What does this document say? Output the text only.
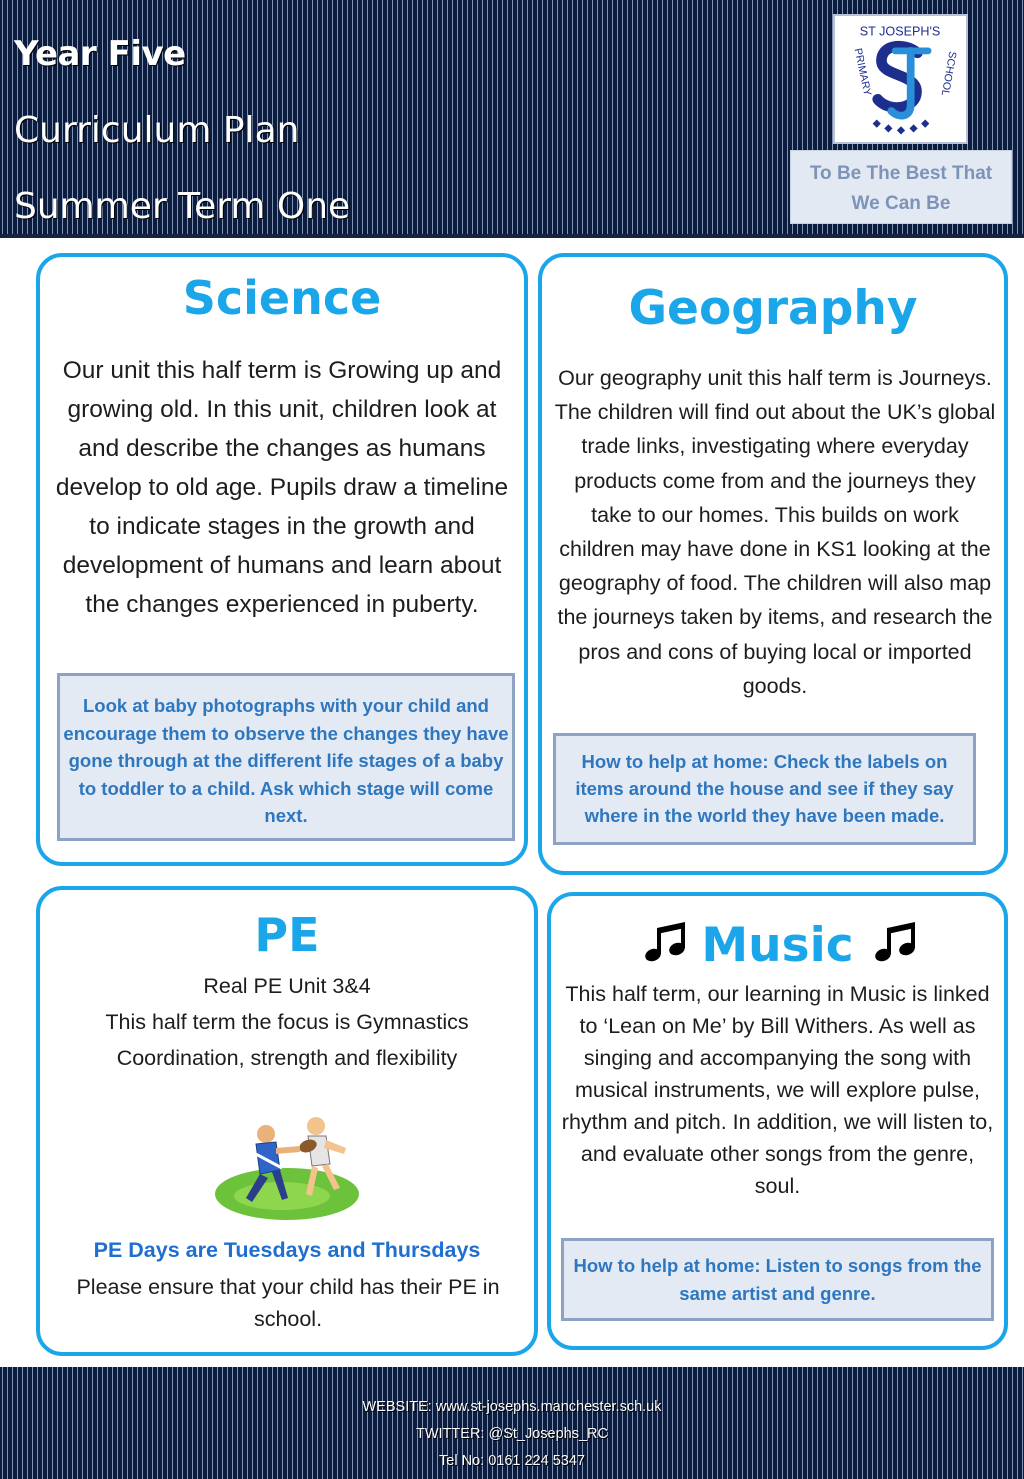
Year Five
Curriculum Plan
Summer Term One
ST JOSEPH'S
PRIMARY	SCHOOL
To Be The Best That
We Can Be
Science
Our unit this half term is Growing up and growing old. In this unit, children look at and describe the changes as humans develop to old age. Pupils draw a timeline to indicate stages in the growth and development of humans and learn about the changes experienced in puberty.
Look at baby photographs with your child and encourage them to observe the changes they have gone through at the different life stages of a baby to toddler to a child. Ask which stage will come next.
Geography
Our geography unit this half term is Journeys. The children will find out about the UK’s global trade links, investigating where everyday products come from and the journeys they take to our homes. This builds on work children may have done in KS1 looking at the geography of food. The children will also map the journeys taken by items, and research the pros and cons of buying local or imported goods.
How to help at home: Check the labels on items around the house and see if they say where in the world they have been made.
PE
Real PE Unit 3&4
This half term the focus is Gymnastics
Coordination, strength and flexibility
PE Days are Tuesdays and Thursdays
Please ensure that your child has their PE in school.
Music
This half term, our learning in Music is linked to ‘Lean on Me’ by Bill Withers. As well as singing and accompanying the song with musical instruments, we will explore pulse, rhythm and pitch. In addition, we will listen to, and evaluate other songs from the genre, soul.
How to help at home: Listen to songs from the same artist and genre.
WEBSITE: www.st-josephs.manchester.sch.uk
TWITTER: @St_Josephs_RC
Tel No: 0161 224 5347
